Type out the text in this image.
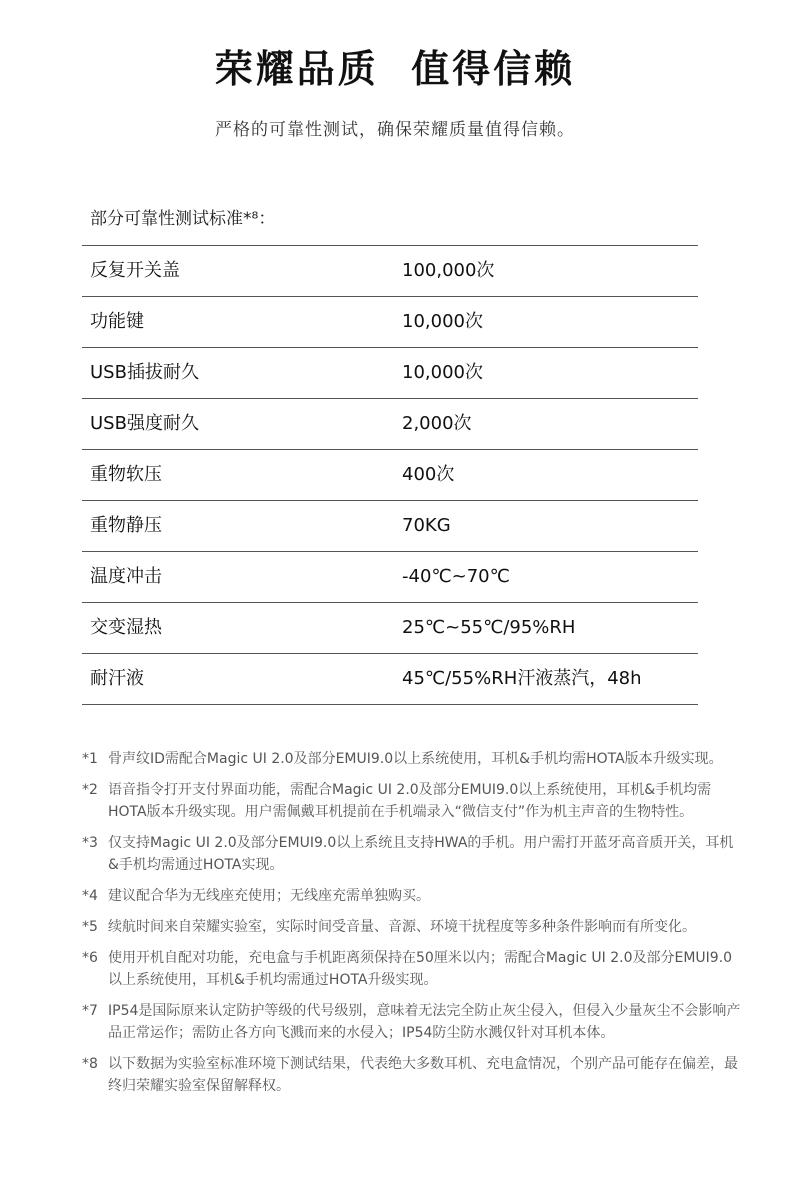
荣耀品质  值得信赖
严格的可靠性测试，确保荣耀质量值得信赖。
部分可靠性测试标准*⁸：
反复开关盖	100,000次
功能键	10,000次
USB插拔耐久	10,000次
USB强度耐久	2,000次
重物软压	400次
重物静压	70KG
温度冲击	-40℃~70℃
交变湿热	25℃~55℃/95%RH
耐汗液	45℃/55%RH汗液蒸汽，48h
*1 骨声纹ID需配合Magic UI 2.0及部分EMUI9.0以上系统使用，耳机&手机均需HOTA版本升级实现。
*2 语音指令打开支付界面功能，需配合Magic UI 2.0及部分EMUI9.0以上系统使用，耳机&手机均需HOTA版本升级实现。用户需佩戴耳机提前在手机端录入“微信支付”作为机主声音的生物特性。
*3 仅支持Magic UI 2.0及部分EMUI9.0以上系统且支持HWA的手机。用户需打开蓝牙高音质开关，耳机&手机均需通过HOTA实现。
*4 建议配合华为无线座充使用；无线座充需单独购买。
*5 续航时间来自荣耀实验室，实际时间受音量、音源、环境干扰程度等多种条件影响而有所变化。
*6 使用开机自配对功能，充电盒与手机距离须保持在50厘米以内；需配合Magic UI 2.0及部分EMUI9.0以上系统使用，耳机&手机均需通过HOTA升级实现。
*7 IP54是国际原来认定防护等级的代号级别，意味着无法完全防止灰尘侵入，但侵入少量灰尘不会影响产品正常运作；需防止各方向飞溅而来的水侵入；IP54防尘防水溅仅针对耳机本体。
*8 以下数据为实验室标准环境下测试结果，代表绝大多数耳机、充电盒情况，个别产品可能存在偏差，最终归荣耀实验室保留解释权。
